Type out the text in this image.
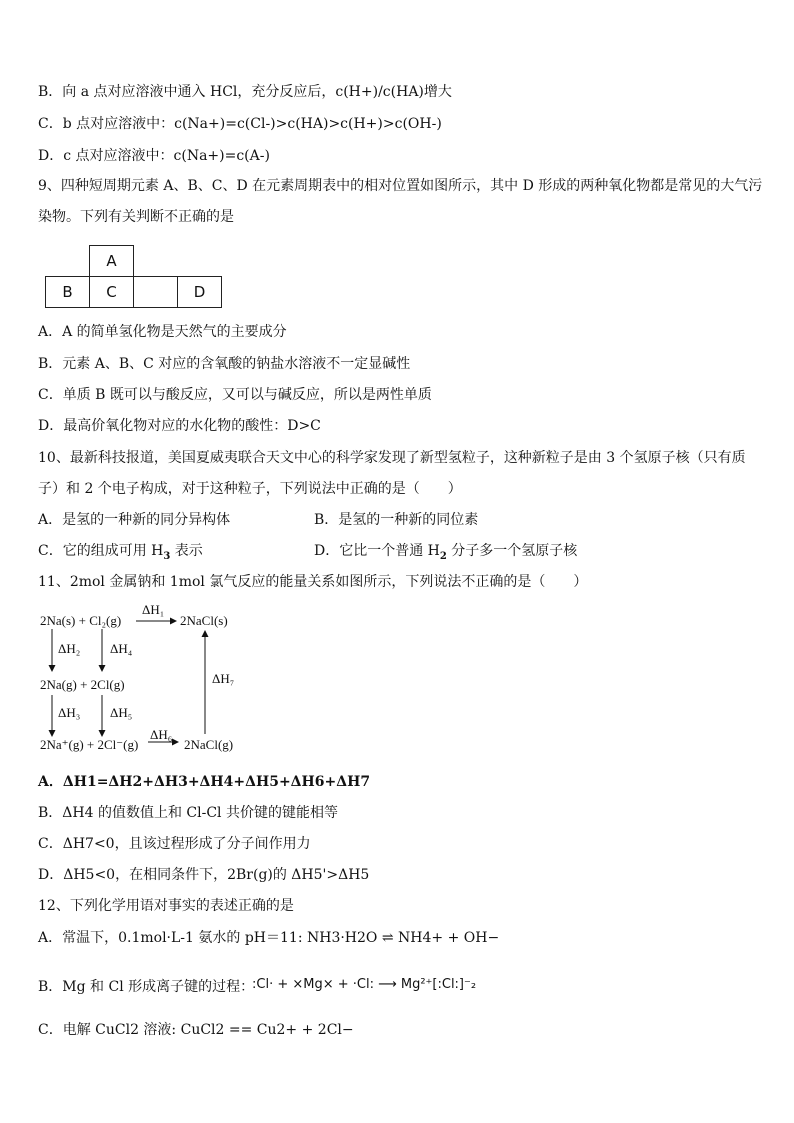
B．向 a 点对应溶液中通入 HCl，充分反应后，c(H+)/c(HA)增大
C．b 点对应溶液中：c(Na+)=c(Cl-)>c(HA)>c(H+)>c(OH-)
D．c 点对应溶液中：c(Na+)=c(A-)
9、四种短周期元素 A、B、C、D 在元素周期表中的相对位置如图所示，其中 D 形成的两种氧化物都是常见的大气污染物。下列有关判断不正确的是
	A		
B	C		D
A．A 的简单氢化物是天然气的主要成分
B．元素 A、B、C 对应的含氧酸的钠盐水溶液不一定显碱性
C．单质 B 既可以与酸反应，又可以与碱反应，所以是两性单质
D．最高价氧化物对应的水化物的酸性：D>C
10、最新科技报道，美国夏威夷联合天文中心的科学家发现了新型氢粒子，这种新粒子是由 3 个氢原子核（只有质子）和 2 个电子构成，对于这种粒子，下列说法中正确的是（　　）
A．是氢的一种新的同分异构体	B．是氢的一种新的同位素
C．它的组成可用 $H_3$ 表示	D．它比一个普通 $H_2$ 分子多一个氢原子核
11、2mol 金属钠和 1mol 氯气反应的能量关系如图所示，下列说法不正确的是（　　）
2Na(s) + Cl₂(g)	2NaCl(s)
ΔH₁
ΔH₂ ΔH₄
2Na(g) + 2Cl(g)	ΔH₇
ΔH₃ ΔH₅
ΔH₆
2Na⁺(g) + 2Cl⁻(g)	2NaCl(g)
A．ΔH1=ΔH2+ΔH3+ΔH4+ΔH5+ΔH6+ΔH7
B．ΔH4 的值数值上和 Cl-Cl 共价键的键能相等
C．ΔH7<0，且该过程形成了分子间作用力
D．ΔH5<0，在相同条件下，2Br(g)的 ΔH5'>ΔH5
12、下列化学用语对事实的表述正确的是
A．常温下，0.1mol·L-1 氨水的 pH＝11: NH3·H2O ⇌ NH4+ + OH−
B．Mg 和 Cl 形成离子键的过程：
:Cl· + ×Mg× + ·Cl: ⟶ Mg²⁺[:Cl:]⁻₂
C．电解 CuCl2 溶液: CuCl2 == Cu2+ + 2Cl−
